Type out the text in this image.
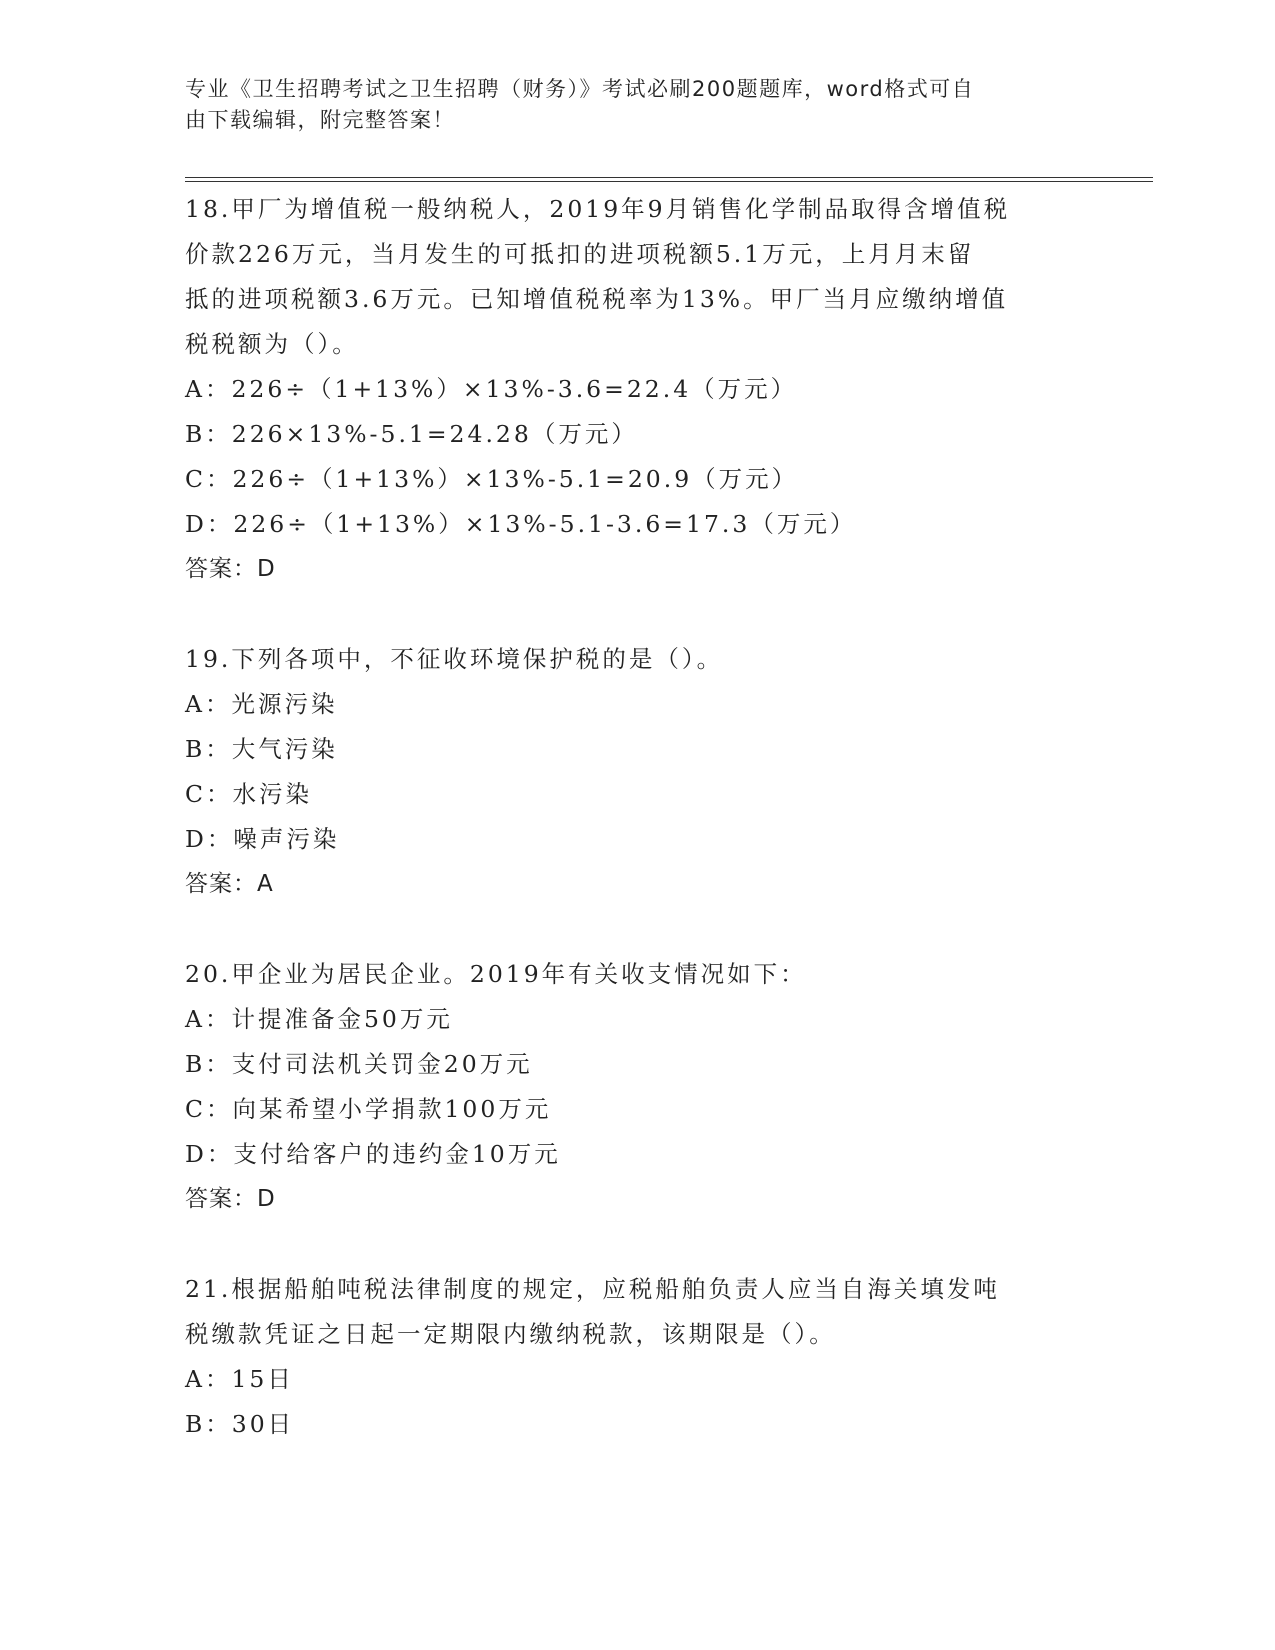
专业《卫生招聘考试之卫生招聘（财务）》考试必刷200题题库，word格式可自
由下载编辑，附完整答案！

18.甲厂为增值税一般纳税人，2019年9月销售化学制品取得含增值税

价款226万元，当月发生的可抵扣的进项税额5.1万元，上月月末留

抵的进项税额3.6万元。已知增值税税率为13%。甲厂当月应缴纳增值

税税额为（）。

A：226÷（1+13%）×13%-3.6=22.4（万元）

B：226×13%-5.1=24.28（万元）

C：226÷（1+13%）×13%-5.1=20.9（万元）

D：226÷（1+13%）×13%-5.1-3.6=17.3（万元）

答案：D

19.下列各项中，不征收环境保护税的是（）。

A：光源污染

B：大气污染

C：水污染

D：噪声污染

答案：A

20.甲企业为居民企业。2019年有关收支情况如下：

A：计提准备金50万元

B：支付司法机关罚金20万元

C：向某希望小学捐款100万元

D：支付给客户的违约金10万元

答案：D

21.根据船舶吨税法律制度的规定，应税船舶负责人应当自海关填发吨

税缴款凭证之日起一定期限内缴纳税款，该期限是（）。

A：15日

B：30日
